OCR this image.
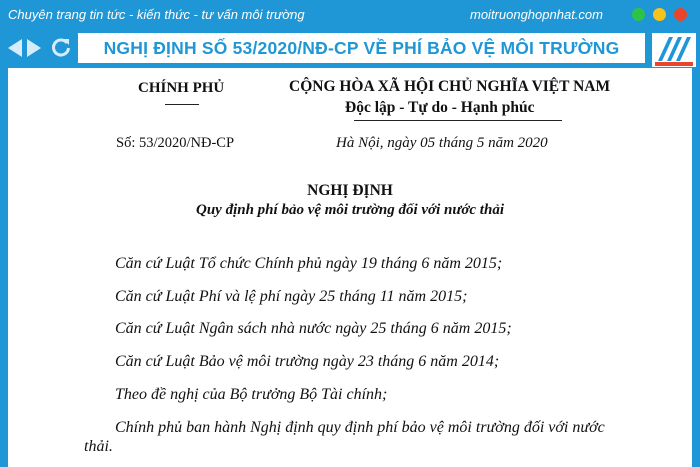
Chuyên trang tin tức - kiến thức - tư vấn môi trường	moitruonghopnhat.com
NGHỊ ĐỊNH SỐ 53/2020/NĐ-CP VỀ PHÍ BẢO VỆ MÔI TRƯỜNG
CHÍNH PHỦ	CỘNG HÒA XÃ HỘI CHỦ NGHĨA VIỆT NAM
Độc lập - Tự do - Hạnh phúc
Số: 53/2020/NĐ-CP	Hà Nội, ngày 05 tháng 5 năm 2020
NGHỊ ĐỊNH
Quy định phí bảo vệ môi trường đối với nước thải
Căn cứ Luật Tổ chức Chính phủ ngày 19 tháng 6 năm 2015;
Căn cứ Luật Phí và lệ phí ngày 25 tháng 11 năm 2015;
Căn cứ Luật Ngân sách nhà nước ngày 25 tháng 6 năm 2015;
Căn cứ Luật Bảo vệ môi trường ngày 23 tháng 6 năm 2014;
Theo đề nghị của Bộ trưởng Bộ Tài chính;
Chính phủ ban hành Nghị định quy định phí bảo vệ môi trường đối với nước thải.
